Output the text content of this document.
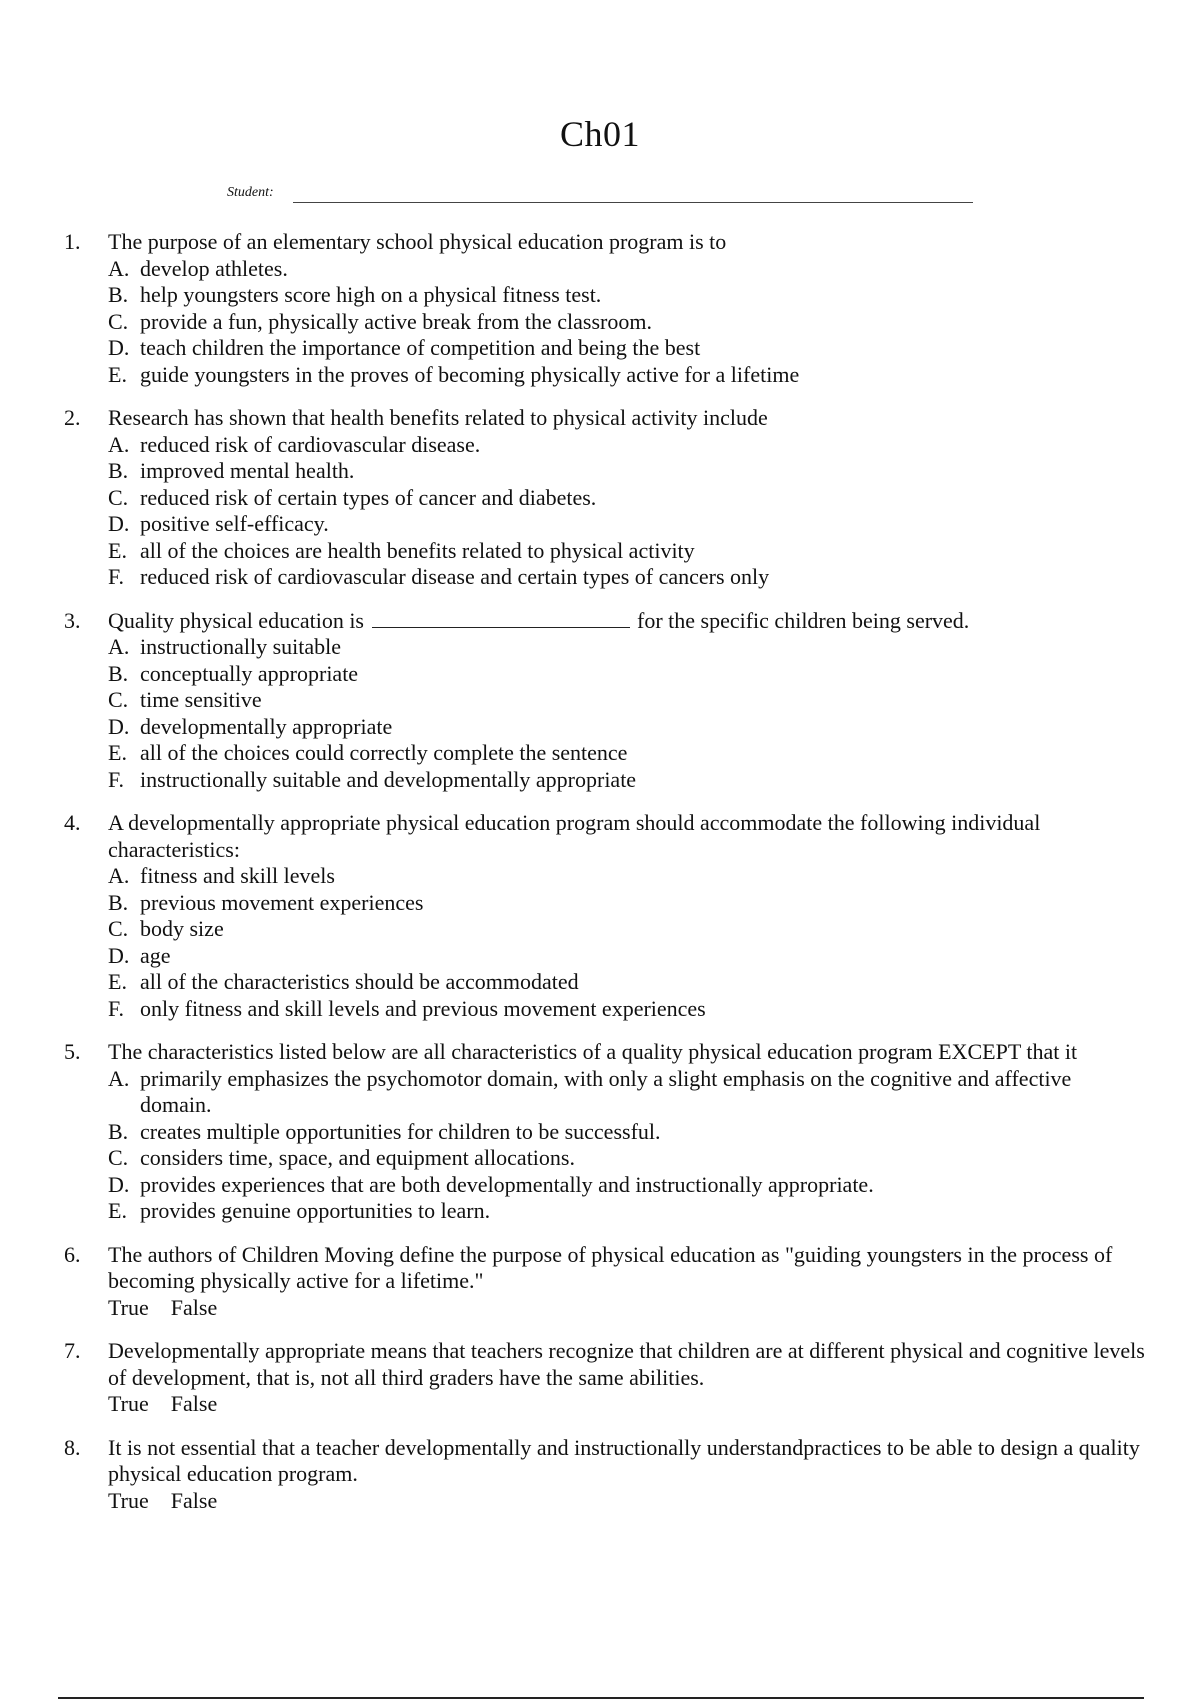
Ch01
Student:
1. The purpose of an elementary school physical education program is to
A. develop athletes.
B. help youngsters score high on a physical fitness test.
C. provide a fun, physically active break from the classroom.
D. teach children the importance of competition and being the best
E. guide youngsters in the proves of becoming physically active for a lifetime
2. Research has shown that health benefits related to physical activity include
A. reduced risk of cardiovascular disease.
B. improved mental health.
C. reduced risk of certain types of cancer and diabetes.
D. positive self-efficacy.
E. all of the choices are health benefits related to physical activity
F. reduced risk of cardiovascular disease and certain types of cancers only
3. Quality physical education is	for the specific children being served.
A. instructionally suitable
B. conceptually appropriate
C. time sensitive
D. developmentally appropriate
E. all of the choices could correctly complete the sentence
F. instructionally suitable and developmentally appropriate
4. A developmentally appropriate physical education program should accommodate the following individual characteristics:
A. fitness and skill levels
B. previous movement experiences
C. body size
D. age
E. all of the characteristics should be accommodated
F. only fitness and skill levels and previous movement experiences
5. The characteristics listed below are all characteristics of a quality physical education program EXCEPT that it
A. primarily emphasizes the psychomotor domain, with only a slight emphasis on the cognitive and affective domain.
B. creates multiple opportunities for children to be successful.
C. considers time, space, and equipment allocations.
D. provides experiences that are both developmentally and instructionally appropriate.
E. provides genuine opportunities to learn.
6. The authors of Children Moving define the purpose of physical education as "guiding youngsters in the process of becoming physically active for a lifetime."
True False
7. Developmentally appropriate means that teachers recognize that children are at different physical and cognitive levels of development, that is, not all third graders have the same abilities.
True False
8. It is not essential that a teacher developmentally and instructionally understandpractices to be able to design a quality physical education program.
True False
